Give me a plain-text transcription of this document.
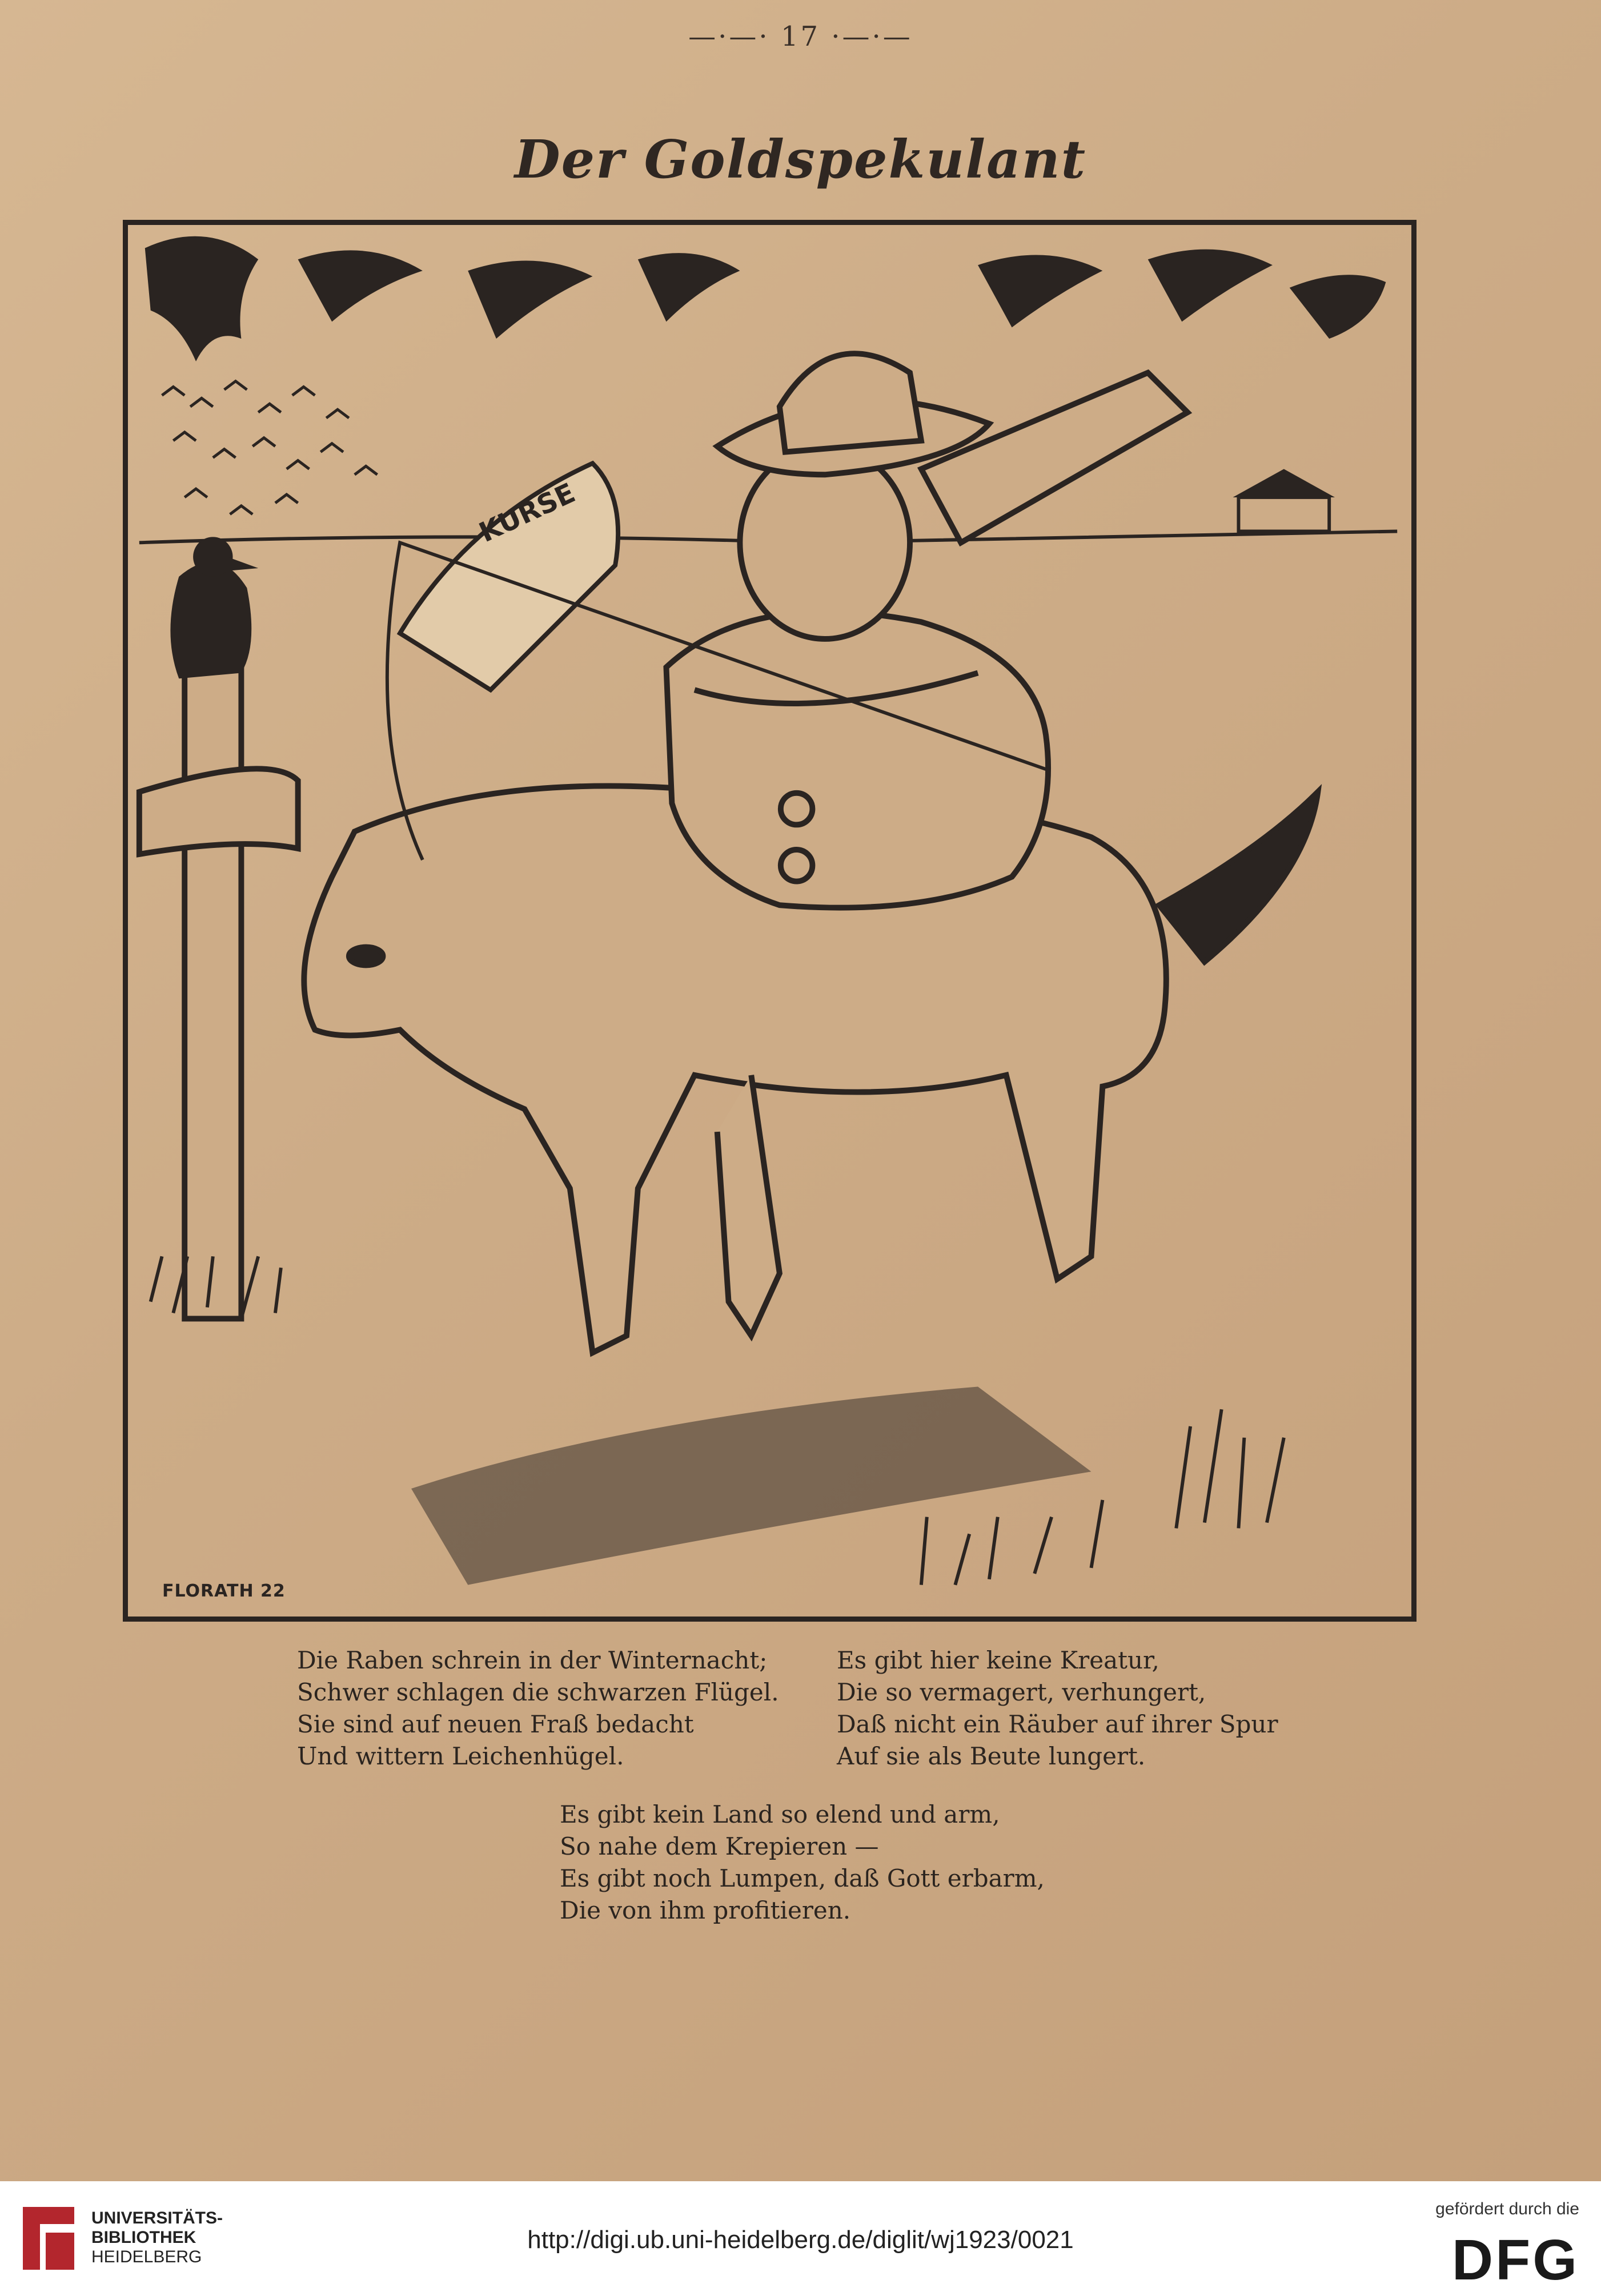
—·—· 17 ·—·—
Der Goldspekulant
KURSE
FLORATH 22
Die Raben schrein in der Winternacht;
Schwer schlagen die schwarzen Flügel.
Sie sind auf neuen Fraß bedacht
Und wittern Leichenhügel.
Es gibt hier keine Kreatur,
Die so vermagert, verhungert,
Daß nicht ein Räuber auf ihrer Spur
Auf sie als Beute lungert.
Es gibt kein Land so elend und arm,
So nahe dem Krepieren —
Es gibt noch Lumpen, daß Gott erbarm,
Die von ihm profitieren.
UNIVERSITÄTS-
BIBLIOTHEK
HEIDELBERG
http://digi.ub.uni-heidelberg.de/diglit/wj1923/0021
gefördert durch die
DFG
